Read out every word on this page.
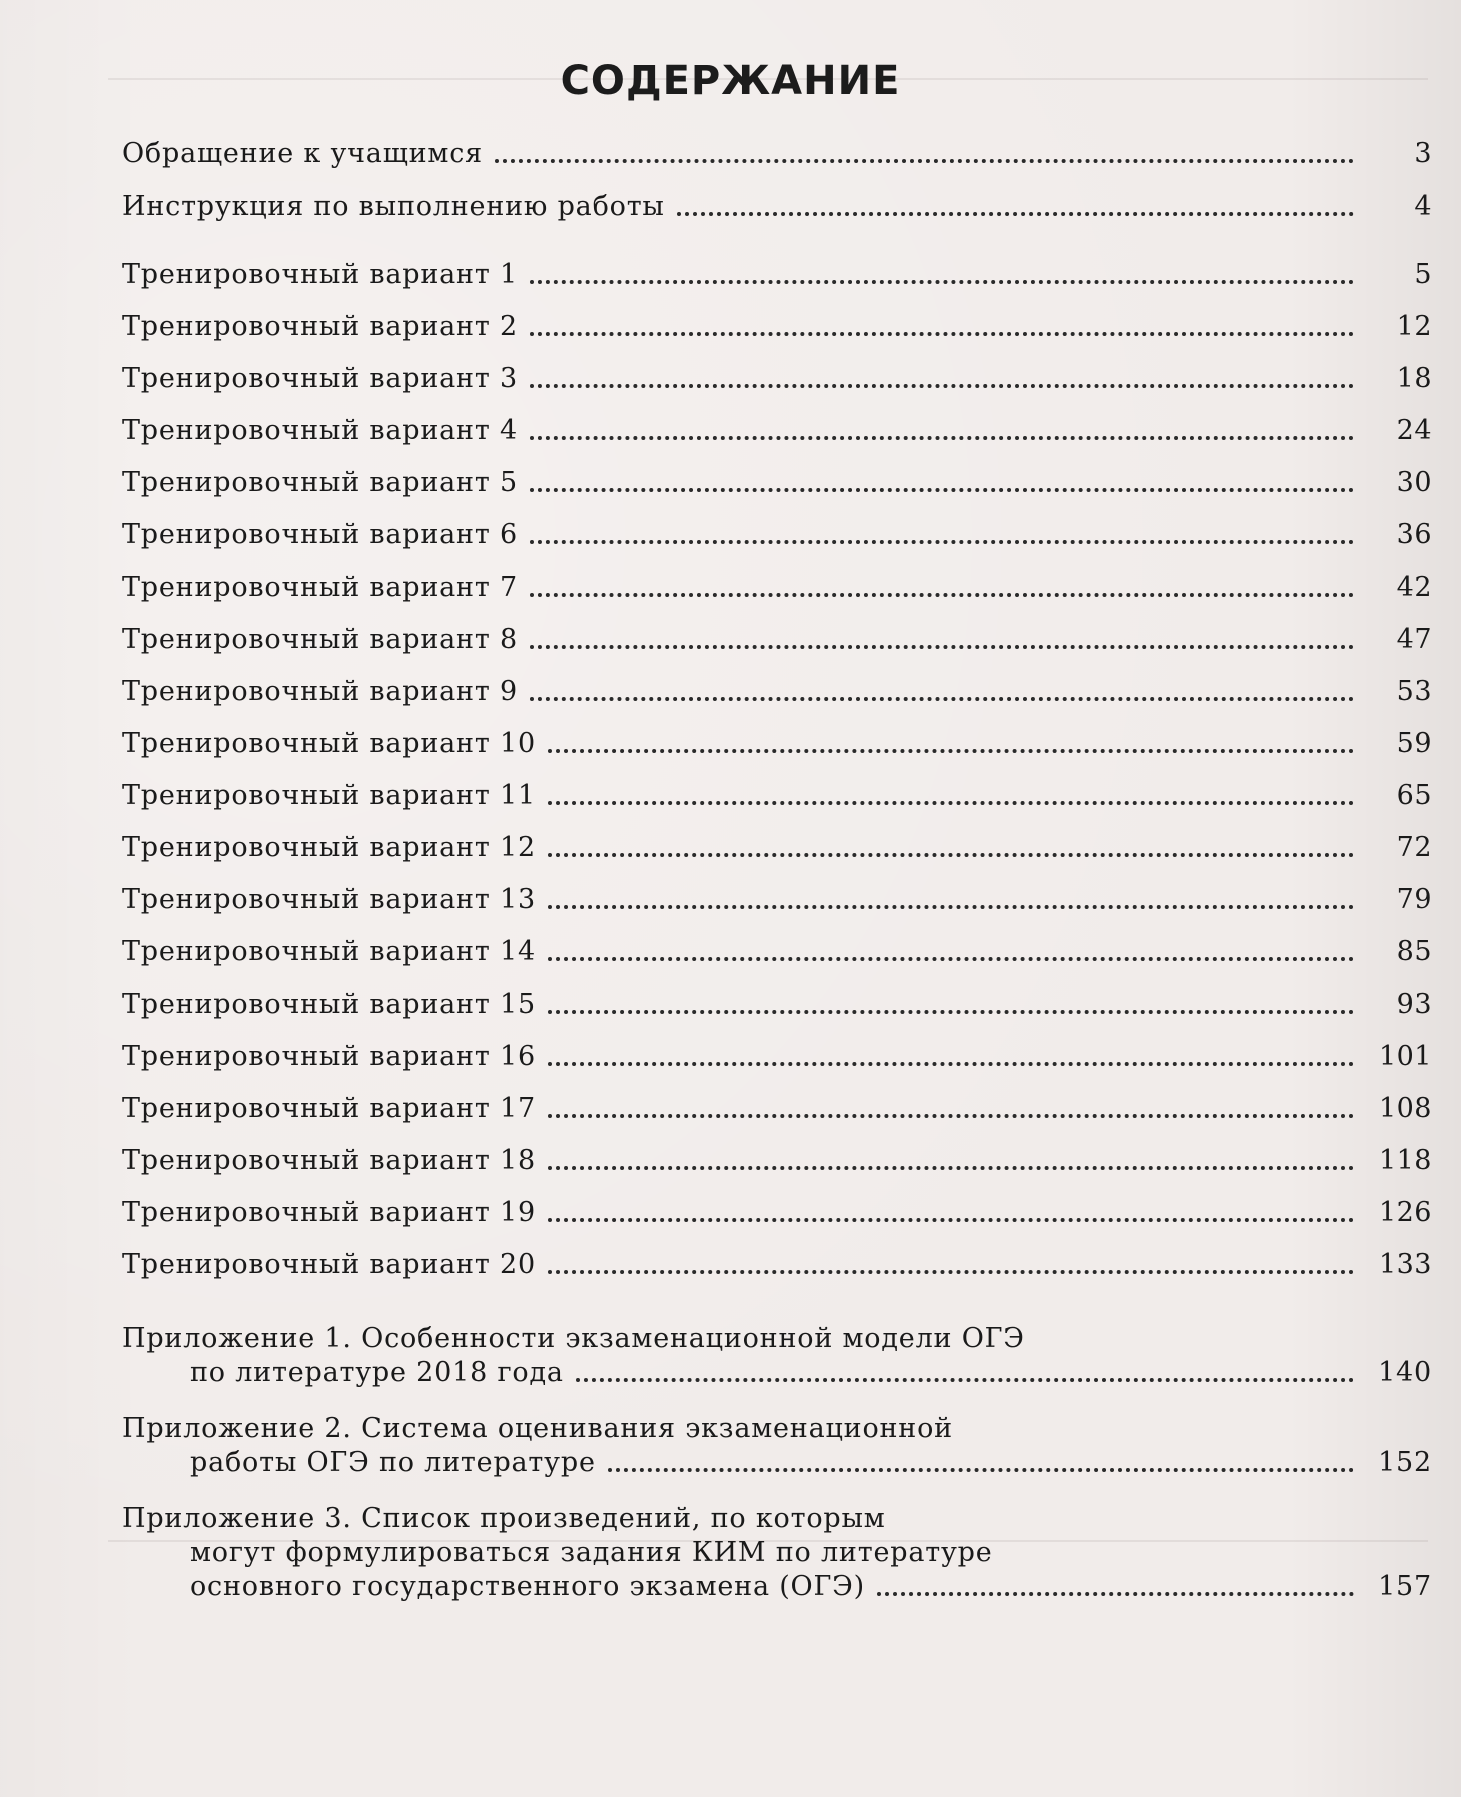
СОДЕРЖАНИЕ
Обращение к учащимся	3
Инструкция по выполнению работы	4
Тренировочный вариант 1	5
Тренировочный вариант 2	12
Тренировочный вариант 3	18
Тренировочный вариант 4	24
Тренировочный вариант 5	30
Тренировочный вариант 6	36
Тренировочный вариант 7	42
Тренировочный вариант 8	47
Тренировочный вариант 9	53
Тренировочный вариант 10	59
Тренировочный вариант 11	65
Тренировочный вариант 12	72
Тренировочный вариант 13	79
Тренировочный вариант 14	85
Тренировочный вариант 15	93
Тренировочный вариант 16	101
Тренировочный вариант 17	108
Тренировочный вариант 18	118
Тренировочный вариант 19	126
Тренировочный вариант 20	133
Приложение 1. Особенности экзаменационной модели ОГЭ
по литературе 2018 года	140
Приложение 2. Система оценивания экзаменационной
работы ОГЭ по литературе	152
Приложение 3. Список произведений, по которым
могут формулироваться задания КИМ по литературе
основного государственного экзамена (ОГЭ)	157
